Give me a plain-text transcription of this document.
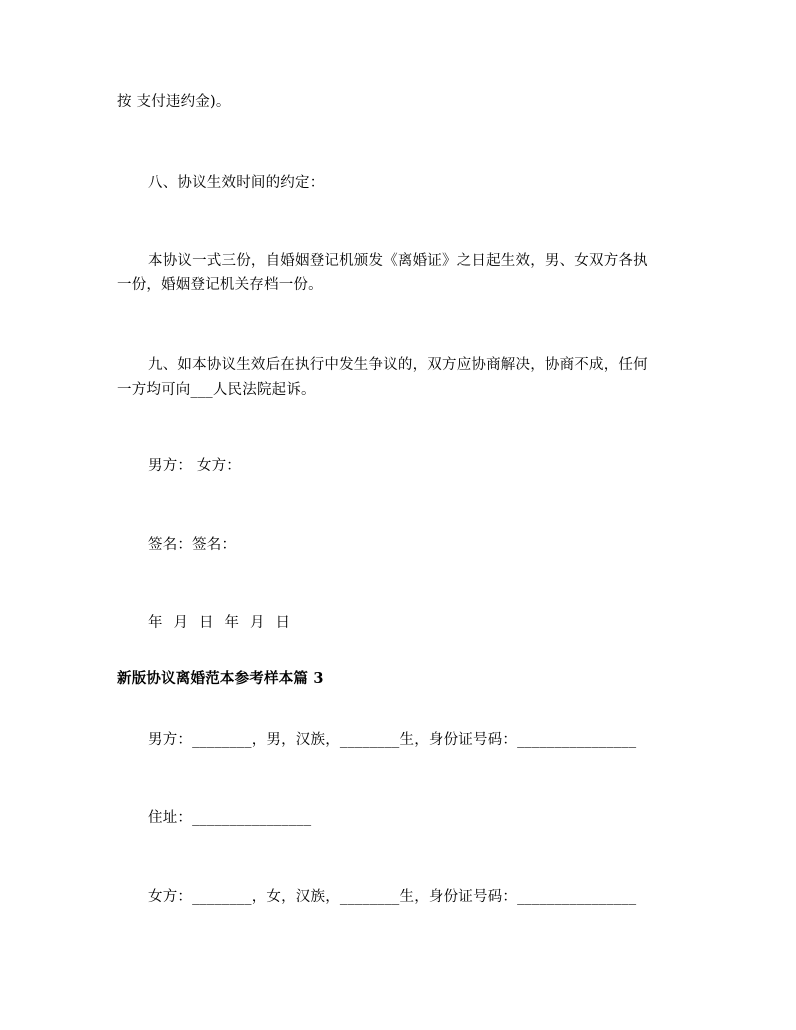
按 支付违约金)。
八、协议生效时间的约定：
本协议一式三份，自婚姻登记机颁发《离婚证》之日起生效，男、女双方各执
一份，婚姻登记机关存档一份。
九、如本协议生效后在执行中发生争议的，双方应协商解决，协商不成，任何
一方均可向___人民法院起诉。
男方： 女方：
签名：签名：
年 月 日 年 月 日
新版协议离婚范本参考样本篇 3
男方：________，男，汉族，________生，身份证号码：________________
住址：________________
女方：________，女，汉族，________生，身份证号码：________________
